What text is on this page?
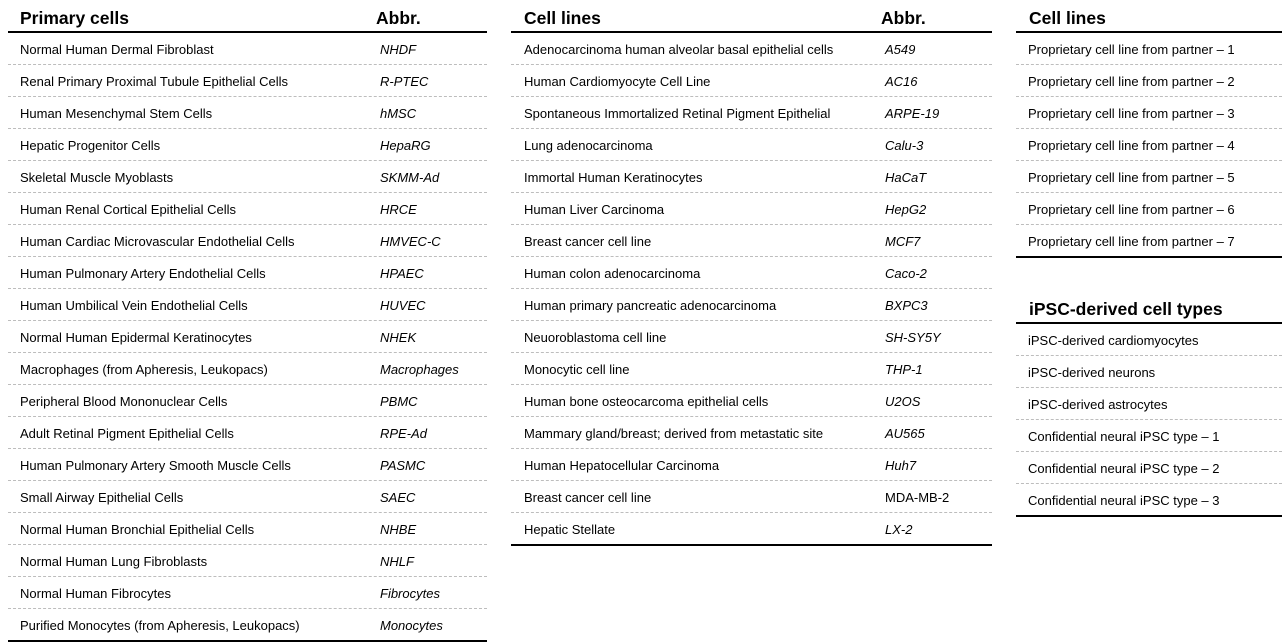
Primary cells	Abbr.
Normal Human Dermal Fibroblast	NHDF
Renal Primary Proximal Tubule Epithelial Cells	R-PTEC
Human Mesenchymal Stem Cells	hMSC
Hepatic Progenitor Cells	HepaRG
Skeletal Muscle Myoblasts	SKMM-Ad
Human Renal Cortical Epithelial Cells	HRCE
Human Cardiac Microvascular Endothelial Cells	HMVEC-C
Human Pulmonary Artery Endothelial Cells	HPAEC
Human Umbilical Vein Endothelial Cells	HUVEC
Normal Human Epidermal Keratinocytes	NHEK
Macrophages (from Apheresis, Leukopacs)	Macrophages
Peripheral Blood Mononuclear Cells	PBMC
Adult Retinal Pigment Epithelial Cells	RPE-Ad
Human Pulmonary Artery Smooth Muscle Cells	PASMC
Small Airway Epithelial Cells	SAEC
Normal Human Bronchial Epithelial Cells	NHBE
Normal Human Lung Fibroblasts	NHLF
Normal Human Fibrocytes	Fibrocytes
Purified Monocytes (from Apheresis, Leukopacs)	Monocytes
Cell lines	Abbr.
Adenocarcinoma human alveolar basal epithelial cells	A549
Human Cardiomyocyte Cell Line	AC16
Spontaneous Immortalized Retinal Pigment Epithelial	ARPE-19
Lung adenocarcinoma	Calu-3
Immortal Human Keratinocytes	HaCaT
Human Liver Carcinoma	HepG2
Breast cancer cell line	MCF7
Human colon adenocarcinoma	Caco-2
Human primary pancreatic adenocarcinoma	BXPC3
Neuoroblastoma cell line	SH-SY5Y
Monocytic cell line	THP-1
Human bone osteocarcoma epithelial cells	U2OS
Mammary gland/breast; derived from metastatic site	AU565
Human Hepatocellular Carcinoma	Huh7
Breast cancer cell line	MDA-MB-2
Hepatic Stellate	LX-2
Cell lines
Proprietary cell line from partner – 1
Proprietary cell line from partner – 2
Proprietary cell line from partner – 3
Proprietary cell line from partner – 4
Proprietary cell line from partner – 5
Proprietary cell line from partner – 6
Proprietary cell line from partner – 7
iPSC-derived cell types
iPSC-derived cardiomyocytes
iPSC-derived neurons
iPSC-derived astrocytes
Confidential neural iPSC type – 1
Confidential neural iPSC type – 2
Confidential neural iPSC type – 3
